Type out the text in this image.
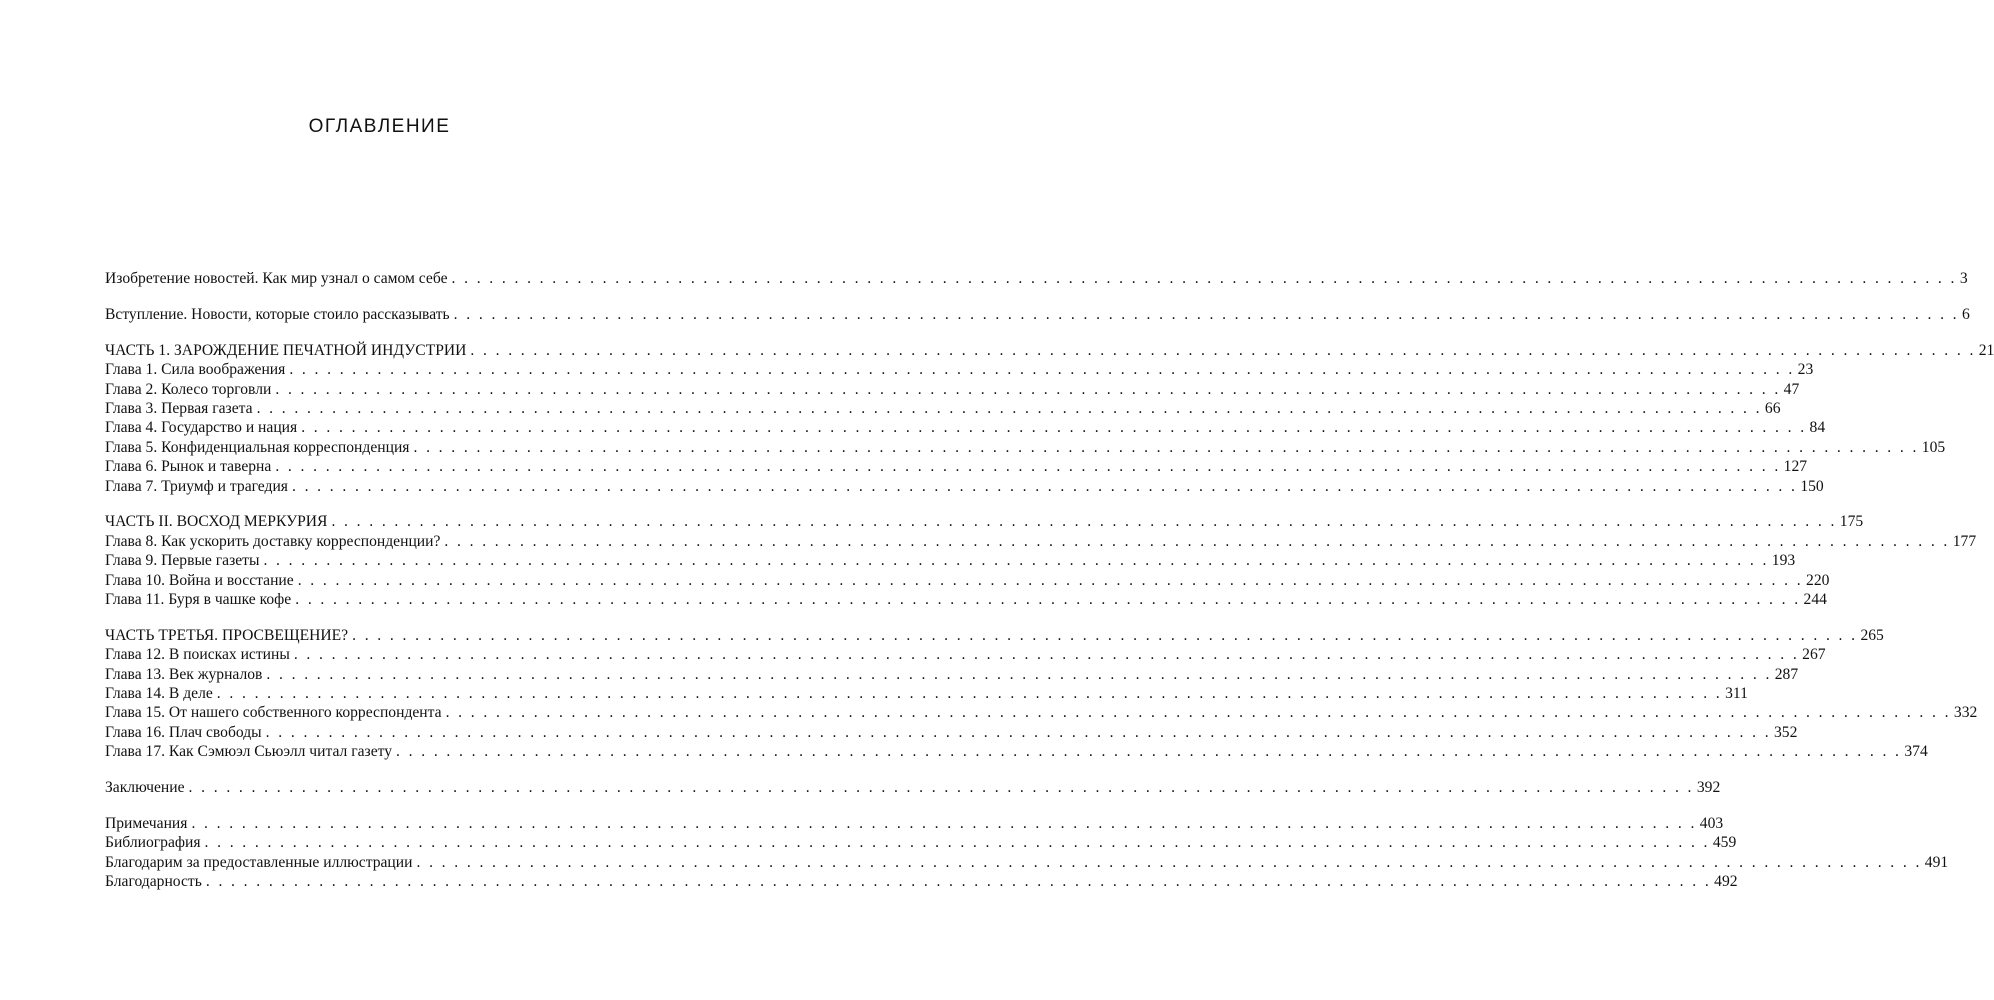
ОГЛАВЛЕНИЕ
Изобретение новостей. Как мир узнал о самом себе . . . . . . . . . . . . . . . . . . . . . . . . . . . . . . . . . . . . . . . . . . . . . . . . . . . . . . . . . . . . . . . . . . . . . . . . . . . . . . . . . . . . . . . . . . . . . . . . . . . . . . . . . . . . . . . . . . . . . . . . 3
Вступление. Новости, которые стоило рассказывать . . . . . . . . . . . . . . . . . . . . . . . . . . . . . . . . . . . . . . . . . . . . . . . . . . . . . . . . . . . . . . . . . . . . . . . . . . . . . . . . . . . . . . . . . . . . . . . . . . . . . . . . . . . . . . . . . . . . . . . . 6
ЧАСТЬ 1. ЗАРОЖДЕНИЕ ПЕЧАТНОЙ ИНДУСТРИИ . . . . . . . . . . . . . . . . . . . . . . . . . . . . . . . . . . . . . . . . . . . . . . . . . . . . . . . . . . . . . . . . . . . . . . . . . . . . . . . . . . . . . . . . . . . . . . . . . . . . . . . . . . . . . . . . . . . . . . . . 21
Глава 1. Сила воображения . . . . . . . . . . . . . . . . . . . . . . . . . . . . . . . . . . . . . . . . . . . . . . . . . . . . . . . . . . . . . . . . . . . . . . . . . . . . . . . . . . . . . . . . . . . . . . . . . . . . . . . . . . . . . . . . . . . . . . . . 23
Глава 2. Колесо торговли . . . . . . . . . . . . . . . . . . . . . . . . . . . . . . . . . . . . . . . . . . . . . . . . . . . . . . . . . . . . . . . . . . . . . . . . . . . . . . . . . . . . . . . . . . . . . . . . . . . . . . . . . . . . . . . . . . . . . . . . 47
Глава 3. Первая газета . . . . . . . . . . . . . . . . . . . . . . . . . . . . . . . . . . . . . . . . . . . . . . . . . . . . . . . . . . . . . . . . . . . . . . . . . . . . . . . . . . . . . . . . . . . . . . . . . . . . . . . . . . . . . . . . . . . . . . . . 66
Глава 4. Государство и нация . . . . . . . . . . . . . . . . . . . . . . . . . . . . . . . . . . . . . . . . . . . . . . . . . . . . . . . . . . . . . . . . . . . . . . . . . . . . . . . . . . . . . . . . . . . . . . . . . . . . . . . . . . . . . . . . . . . . . . . . 84
Глава 5. Конфиденциальная корреспонденция . . . . . . . . . . . . . . . . . . . . . . . . . . . . . . . . . . . . . . . . . . . . . . . . . . . . . . . . . . . . . . . . . . . . . . . . . . . . . . . . . . . . . . . . . . . . . . . . . . . . . . . . . . . . . . . . . . . . . . . . 105
Глава 6. Рынок и таверна . . . . . . . . . . . . . . . . . . . . . . . . . . . . . . . . . . . . . . . . . . . . . . . . . . . . . . . . . . . . . . . . . . . . . . . . . . . . . . . . . . . . . . . . . . . . . . . . . . . . . . . . . . . . . . . . . . . . . . . . 127
Глава 7. Триумф и трагедия . . . . . . . . . . . . . . . . . . . . . . . . . . . . . . . . . . . . . . . . . . . . . . . . . . . . . . . . . . . . . . . . . . . . . . . . . . . . . . . . . . . . . . . . . . . . . . . . . . . . . . . . . . . . . . . . . . . . . . . . 150
ЧАСТЬ II. ВОСХОД МЕРКУРИЯ . . . . . . . . . . . . . . . . . . . . . . . . . . . . . . . . . . . . . . . . . . . . . . . . . . . . . . . . . . . . . . . . . . . . . . . . . . . . . . . . . . . . . . . . . . . . . . . . . . . . . . . . . . . . . . . . . . . . . . . . 175
Глава 8. Как ускорить доставку корреспонденции? . . . . . . . . . . . . . . . . . . . . . . . . . . . . . . . . . . . . . . . . . . . . . . . . . . . . . . . . . . . . . . . . . . . . . . . . . . . . . . . . . . . . . . . . . . . . . . . . . . . . . . . . . . . . . . . . . . . . . . . . 177
Глава 9. Первые газеты . . . . . . . . . . . . . . . . . . . . . . . . . . . . . . . . . . . . . . . . . . . . . . . . . . . . . . . . . . . . . . . . . . . . . . . . . . . . . . . . . . . . . . . . . . . . . . . . . . . . . . . . . . . . . . . . . . . . . . . . 193
Глава 10. Война и восстание . . . . . . . . . . . . . . . . . . . . . . . . . . . . . . . . . . . . . . . . . . . . . . . . . . . . . . . . . . . . . . . . . . . . . . . . . . . . . . . . . . . . . . . . . . . . . . . . . . . . . . . . . . . . . . . . . . . . . . . . 220
Глава 11. Буря в чашке кофе . . . . . . . . . . . . . . . . . . . . . . . . . . . . . . . . . . . . . . . . . . . . . . . . . . . . . . . . . . . . . . . . . . . . . . . . . . . . . . . . . . . . . . . . . . . . . . . . . . . . . . . . . . . . . . . . . . . . . . . . 244
ЧАСТЬ ТРЕТЬЯ. ПРОСВЕЩЕНИЕ? . . . . . . . . . . . . . . . . . . . . . . . . . . . . . . . . . . . . . . . . . . . . . . . . . . . . . . . . . . . . . . . . . . . . . . . . . . . . . . . . . . . . . . . . . . . . . . . . . . . . . . . . . . . . . . . . . . . . . . . . 265
Глава 12. В поисках истины . . . . . . . . . . . . . . . . . . . . . . . . . . . . . . . . . . . . . . . . . . . . . . . . . . . . . . . . . . . . . . . . . . . . . . . . . . . . . . . . . . . . . . . . . . . . . . . . . . . . . . . . . . . . . . . . . . . . . . . . 267
Глава 13. Век журналов . . . . . . . . . . . . . . . . . . . . . . . . . . . . . . . . . . . . . . . . . . . . . . . . . . . . . . . . . . . . . . . . . . . . . . . . . . . . . . . . . . . . . . . . . . . . . . . . . . . . . . . . . . . . . . . . . . . . . . . . 287
Глава 14. В деле . . . . . . . . . . . . . . . . . . . . . . . . . . . . . . . . . . . . . . . . . . . . . . . . . . . . . . . . . . . . . . . . . . . . . . . . . . . . . . . . . . . . . . . . . . . . . . . . . . . . . . . . . . . . . . . . . . . . . . . . 311
Глава 15. От нашего собственного корреспондента . . . . . . . . . . . . . . . . . . . . . . . . . . . . . . . . . . . . . . . . . . . . . . . . . . . . . . . . . . . . . . . . . . . . . . . . . . . . . . . . . . . . . . . . . . . . . . . . . . . . . . . . . . . . . . . . . . . . . . . . 332
Глава 16. Плач свободы . . . . . . . . . . . . . . . . . . . . . . . . . . . . . . . . . . . . . . . . . . . . . . . . . . . . . . . . . . . . . . . . . . . . . . . . . . . . . . . . . . . . . . . . . . . . . . . . . . . . . . . . . . . . . . . . . . . . . . . . 352
Глава 17. Как Сэмюэл Сьюэлл читал газету . . . . . . . . . . . . . . . . . . . . . . . . . . . . . . . . . . . . . . . . . . . . . . . . . . . . . . . . . . . . . . . . . . . . . . . . . . . . . . . . . . . . . . . . . . . . . . . . . . . . . . . . . . . . . . . . . . . . . . . . 374
Заключение . . . . . . . . . . . . . . . . . . . . . . . . . . . . . . . . . . . . . . . . . . . . . . . . . . . . . . . . . . . . . . . . . . . . . . . . . . . . . . . . . . . . . . . . . . . . . . . . . . . . . . . . . . . . . . . . . . . . . . . . 392
Примечания . . . . . . . . . . . . . . . . . . . . . . . . . . . . . . . . . . . . . . . . . . . . . . . . . . . . . . . . . . . . . . . . . . . . . . . . . . . . . . . . . . . . . . . . . . . . . . . . . . . . . . . . . . . . . . . . . . . . . . . . 403
Библиография . . . . . . . . . . . . . . . . . . . . . . . . . . . . . . . . . . . . . . . . . . . . . . . . . . . . . . . . . . . . . . . . . . . . . . . . . . . . . . . . . . . . . . . . . . . . . . . . . . . . . . . . . . . . . . . . . . . . . . . . 459
Благодарим за предоставленные иллюстрации . . . . . . . . . . . . . . . . . . . . . . . . . . . . . . . . . . . . . . . . . . . . . . . . . . . . . . . . . . . . . . . . . . . . . . . . . . . . . . . . . . . . . . . . . . . . . . . . . . . . . . . . . . . . . . . . . . . . . . . . 491
Благодарность . . . . . . . . . . . . . . . . . . . . . . . . . . . . . . . . . . . . . . . . . . . . . . . . . . . . . . . . . . . . . . . . . . . . . . . . . . . . . . . . . . . . . . . . . . . . . . . . . . . . . . . . . . . . . . . . . . . . . . . . 492
